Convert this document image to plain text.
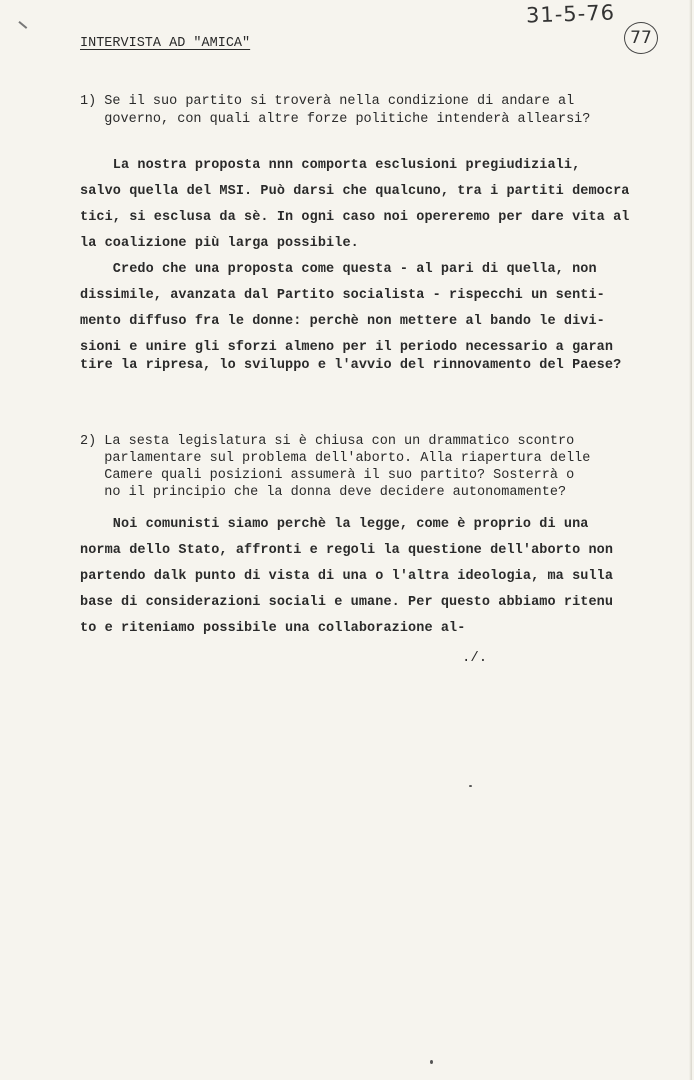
31-5-76
77
INTERVISTA AD "AMICA"
1) Se il suo partito si troverà nella condizione di andare al
governo, con quali altre forze politiche intenderà allearsi?
La nostra proposta nnn comporta esclusioni pregiudiziali,
salvo quella del MSI. Può darsi che qualcuno, tra i partiti democra
tici, si esclusa da sè. In ogni caso noi opereremo per dare vita al
la coalizione più larga possibile.
Credo che una proposta come questa - al pari di quella, non
dissimile, avanzata dal Partito socialista - rispecchi un senti-
mento diffuso fra le donne: perchè non mettere al bando le divi-
sioni e unire gli sforzi almeno per il periodo necessario a garan
tire la ripresa, lo sviluppo e l'avvio del rinnovamento del Paese?
2) La sesta legislatura si è chiusa con un drammatico scontro
parlamentare sul problema dell'aborto. Alla riapertura delle
Camere quali posizioni assumerà il suo partito? Sosterrà o
no il principio che la donna deve decidere autonomamente?
Noi comunisti siamo perchè la legge, come è proprio di una
norma dello Stato, affronti e regoli la questione dell'aborto non
partendo dalk punto di vista di una o l'altra ideologia, ma sulla
base di considerazioni sociali e umane. Per questo abbiamo ritenu
to e riteniamo possibile una collaborazione al-
./.
